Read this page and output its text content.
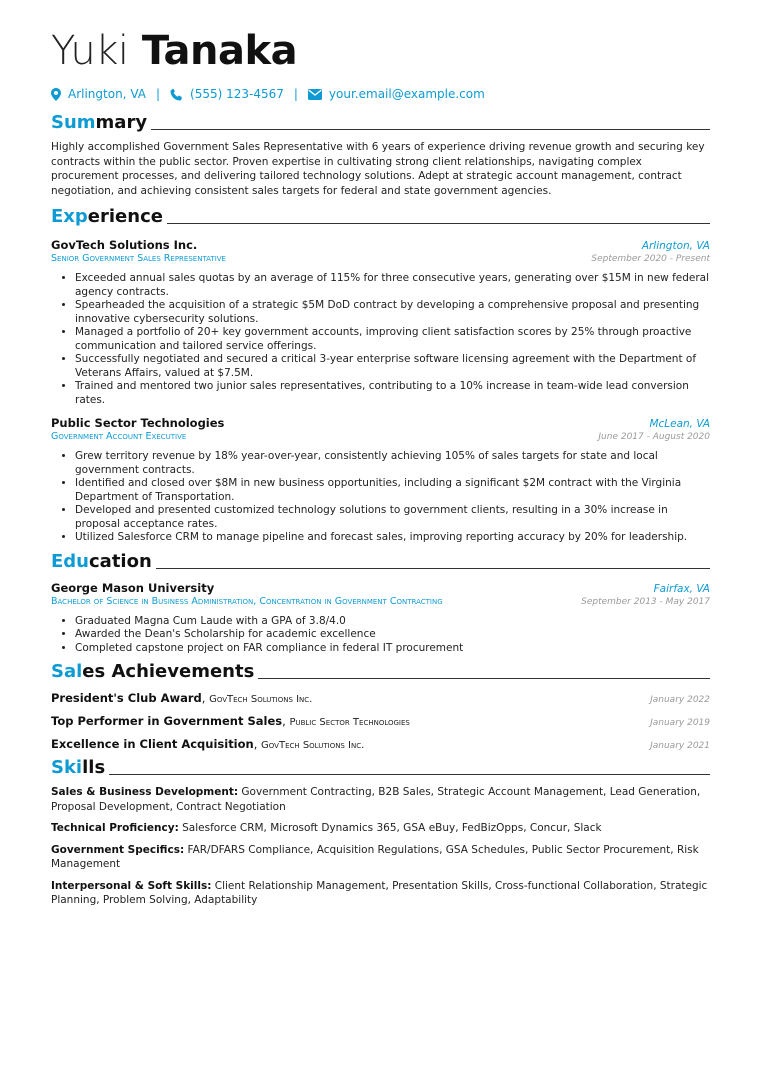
Yuki Tanaka
Arlington, VA |	(555) 123-4567 |	your.email@example.com
Summary
Highly accomplished Government Sales Representative with 6 years of experience driving revenue growth and securing key contracts within the public sector. Proven expertise in cultivating strong client relationships, navigating complex procurement processes, and delivering tailored technology solutions. Adept at strategic account management, contract negotiation, and achieving consistent sales targets for federal and state government agencies.
Experience
GovTech Solutions Inc.	Arlington, VA
Senior Government Sales Representative	September 2020 - Present
• Exceeded annual sales quotas by an average of 115% for three consecutive years, generating over $15M in new federal agency contracts.
• Spearheaded the acquisition of a strategic $5M DoD contract by developing a comprehensive proposal and presenting innovative cybersecurity solutions.
• Managed a portfolio of 20+ key government accounts, improving client satisfaction scores by 25% through proactive communication and tailored service offerings.
• Successfully negotiated and secured a critical 3-year enterprise software licensing agreement with the Department of Veterans Affairs, valued at $7.5M.
• Trained and mentored two junior sales representatives, contributing to a 10% increase in team-wide lead conversion rates.
Public Sector Technologies	McLean, VA
Government Account Executive	June 2017 - August 2020
• Grew territory revenue by 18% year-over-year, consistently achieving 105% of sales targets for state and local government contracts.
• Identified and closed over $8M in new business opportunities, including a significant $2M contract with the Virginia Department of Transportation.
• Developed and presented customized technology solutions to government clients, resulting in a 30% increase in proposal acceptance rates.
• Utilized Salesforce CRM to manage pipeline and forecast sales, improving reporting accuracy by 20% for leadership.
Education
George Mason University	Fairfax, VA
Bachelor of Science in Business Administration, Concentration in Government Contracting	September 2013 - May 2017
• Graduated Magna Cum Laude with a GPA of 3.8/4.0
• Awarded the Dean's Scholarship for academic excellence
• Completed capstone project on FAR compliance in federal IT procurement
Sales Achievements
President's Club Award, GovTech Solutions Inc.	January 2022
Top Performer in Government Sales, Public Sector Technologies	January 2019
Excellence in Client Acquisition, GovTech Solutions Inc.	January 2021
Skills
Sales & Business Development: Government Contracting, B2B Sales, Strategic Account Management, Lead Generation, Proposal Development, Contract Negotiation
Technical Proficiency: Salesforce CRM, Microsoft Dynamics 365, GSA eBuy, FedBizOpps, Concur, Slack
Government Specifics: FAR/DFARS Compliance, Acquisition Regulations, GSA Schedules, Public Sector Procurement, Risk Management
Interpersonal & Soft Skills: Client Relationship Management, Presentation Skills, Cross-functional Collaboration, Strategic Planning, Problem Solving, Adaptability
